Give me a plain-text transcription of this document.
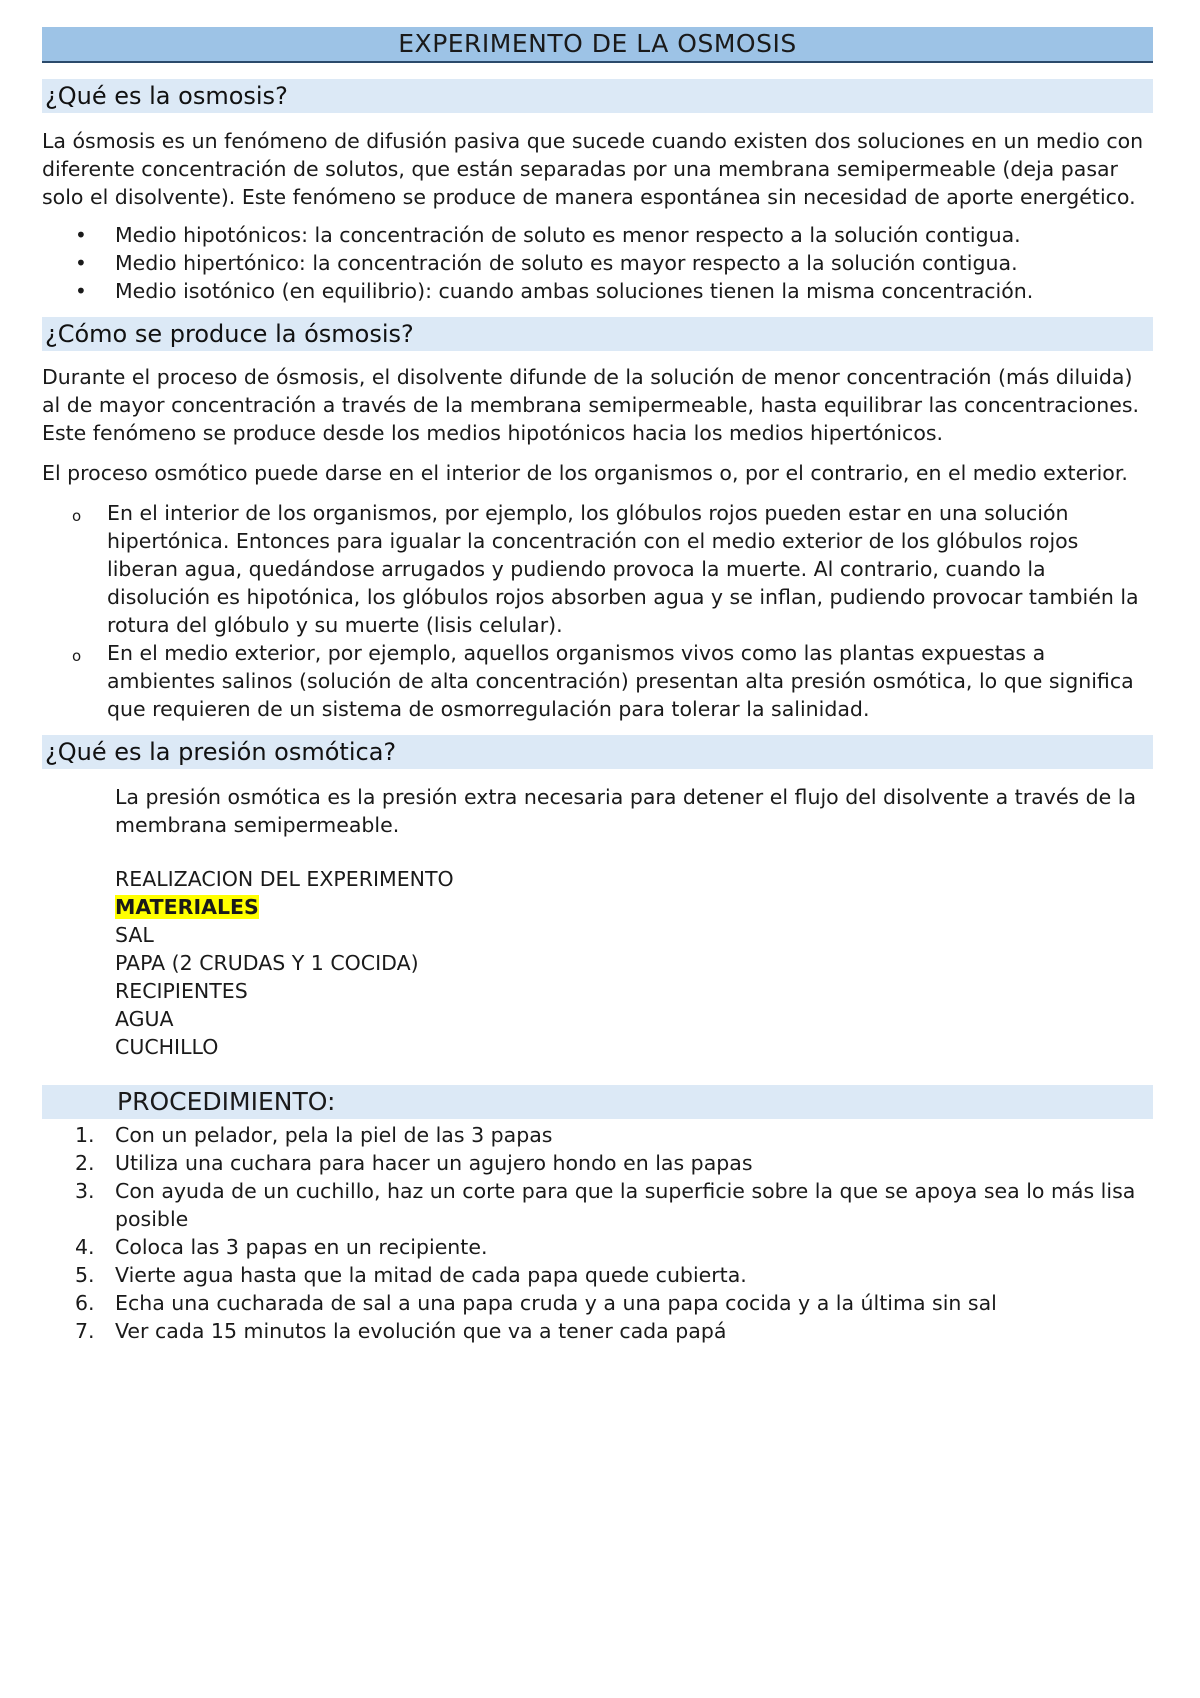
EXPERIMENTO DE LA OSMOSIS
¿Qué es la osmosis?

La ósmosis es un fenómeno de difusión pasiva que sucede cuando existen dos soluciones en un medio con diferente concentración de solutos, que están separadas por una membrana semipermeable (deja pasar solo el disolvente). Este fenómeno se produce de manera espontánea sin necesidad de aporte energético.

• Medio hipotónicos: la concentración de soluto es menor respecto a la solución contigua.
• Medio hipertónico: la concentración de soluto es mayor respecto a la solución contigua.
• Medio isotónico (en equilibrio): cuando ambas soluciones tienen la misma concentración.
¿Cómo se produce la ósmosis?

Durante el proceso de ósmosis, el disolvente difunde de la solución de menor concentración (más diluida) al de mayor concentración a través de la membrana semipermeable, hasta equilibrar las concentraciones. Este fenómeno se produce desde los medios hipotónicos hacia los medios hipertónicos.

El proceso osmótico puede darse en el interior de los organismos o, por el contrario, en el medio exterior.

o En el interior de los organismos, por ejemplo, los glóbulos rojos pueden estar en una solución hipertónica. Entonces para igualar la concentración con el medio exterior de los glóbulos rojos liberan agua, quedándose arrugados y pudiendo provoca la muerte. Al contrario, cuando la disolución es hipotónica, los glóbulos rojos absorben agua y se inflan, pudiendo provocar también la rotura del glóbulo y su muerte (lisis celular).
o En el medio exterior, por ejemplo, aquellos organismos vivos como las plantas expuestas a ambientes salinos (solución de alta concentración) presentan alta presión osmótica, lo que significa que requieren de un sistema de osmorregulación para tolerar la salinidad.
¿Qué es la presión osmótica?

La presión osmótica es la presión extra necesaria para detener el flujo del disolvente a través de la membrana semipermeable.

REALIZACION DEL EXPERIMENTO
MATERIALES
SAL
PAPA (2 CRUDAS Y 1 COCIDA)
RECIPIENTES
AGUA
CUCHILLO
PROCEDIMIENTO:
1. Con un pelador, pela la piel de las 3 papas
2. Utiliza una cuchara para hacer un agujero hondo en las papas
3. Con ayuda de un cuchillo, haz un corte para que la superficie sobre la que se apoya sea lo más lisa posible
4. Coloca las 3 papas en un recipiente.
5. Vierte agua hasta que la mitad de cada papa quede cubierta.
6. Echa una cucharada de sal a una papa cruda y a una papa cocida y a la última sin sal
7. Ver cada 15 minutos la evolución que va a tener cada papá
